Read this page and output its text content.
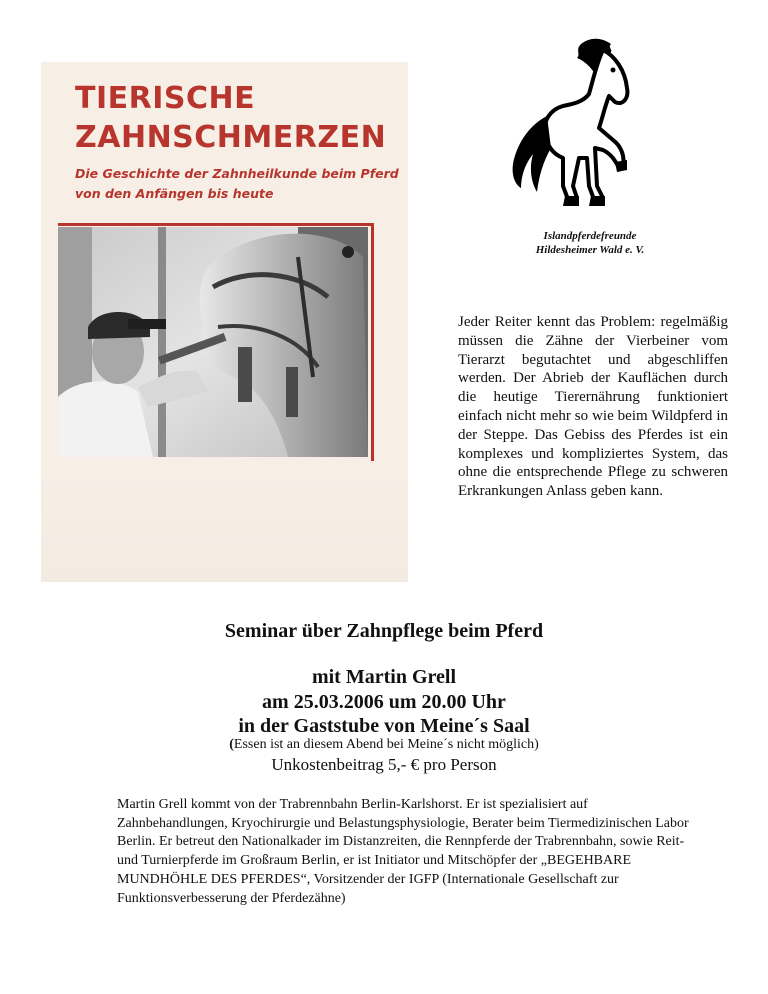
TIERISCHE
ZAHNSCHMERZEN
Die Geschichte der Zahnheilkunde beim Pferd
von den Anfängen bis heute
Islandpferdefreunde
Hildesheimer Wald e. V.
Jeder Reiter kennt das Problem: regelmäßig müssen die Zähne der Vierbeiner vom Tierarzt begutachtet und abgeschliffen werden. Der Abrieb der Kauflächen durch die heutige Tierernährung funktioniert einfach nicht mehr so wie beim Wildpferd in der Steppe. Das Gebiss des Pferdes ist ein komplexes und kompliziertes System, das ohne die entsprechende Pflege zu schweren Erkrankungen Anlass geben kann.
Seminar über Zahnpflege beim Pferd
mit Martin Grell
am 25.03.2006 um 20.00 Uhr
in der Gaststube von Meine´s Saal
(Essen ist an diesem Abend bei Meine´s nicht möglich)
Unkostenbeitrag 5,- € pro Person
Martin Grell kommt von der Trabrennbahn Berlin-Karlshorst. Er ist spezialisiert auf Zahnbehandlungen, Kryochirurgie und Belastungsphysiologie, Berater beim Tiermedizinischen Labor Berlin. Er betreut den Nationalkader im Distanzreiten, die Rennpferde der Trabrennbahn, sowie Reit- und Turnierpferde im Großraum Berlin, er ist Initiator und Mitschöpfer der „BEGEHBARE MUNDHÖHLE DES PFERDES“, Vorsitzender der IGFP (Internationale Gesellschaft zur Funktionsverbesserung der Pferdezähne)
